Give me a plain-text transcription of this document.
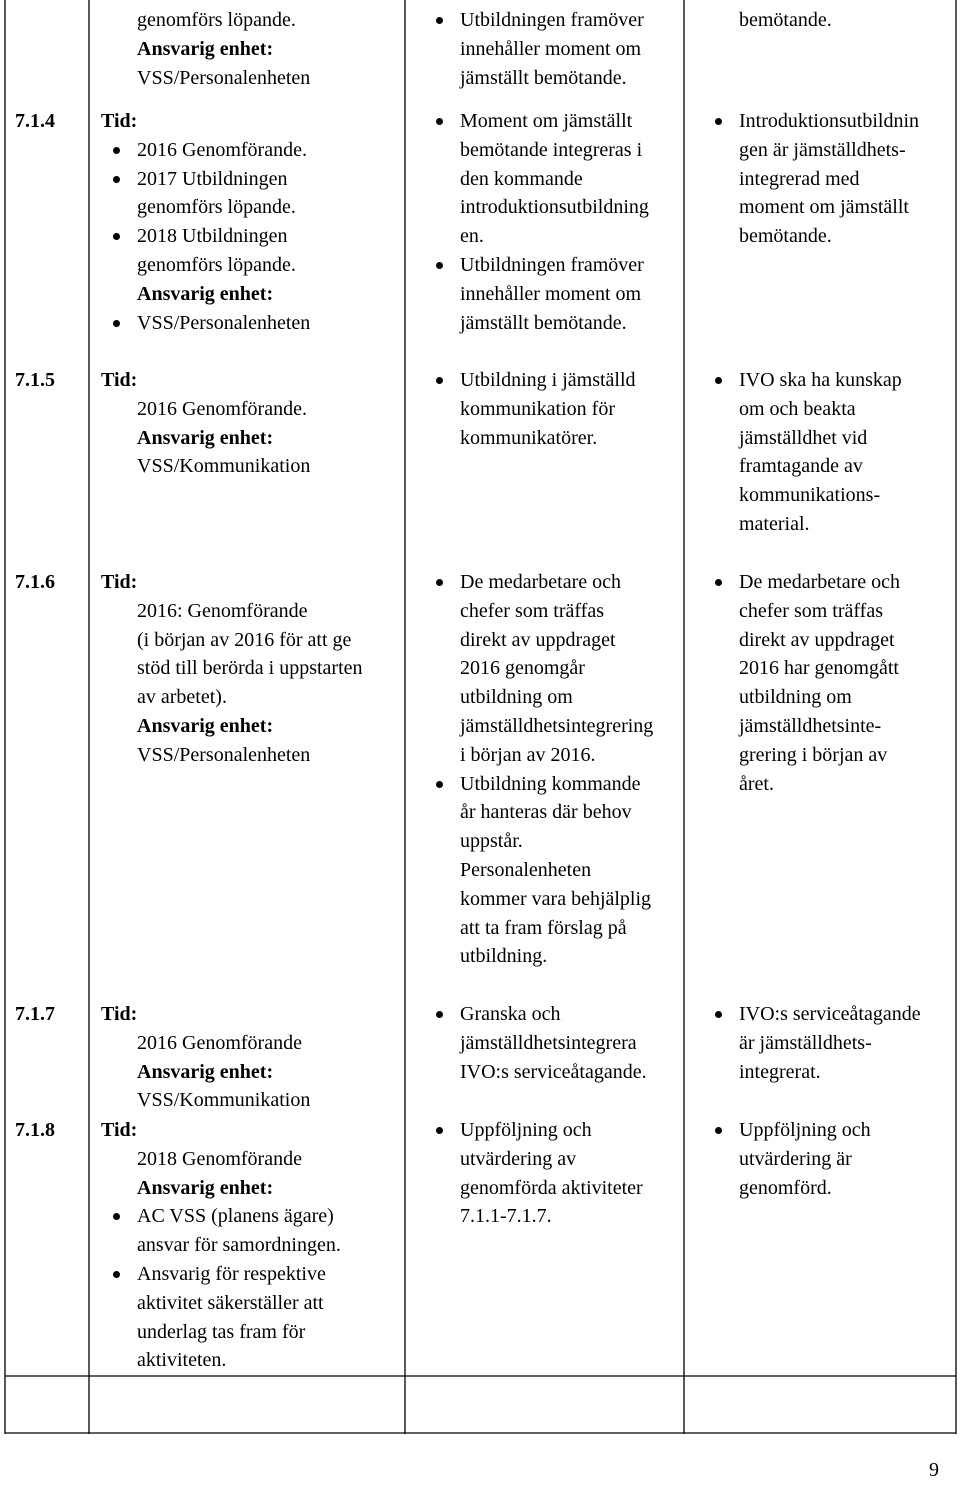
genomförs löpande.
Ansvarig enhet:
VSS/Personalenheten
Utbildningen framöver
innehåller moment om
jämställt bemötande.
bemötande.
7.1.4 Tid:
2016 Genomförande.
2017 Utbildningen
genomförs löpande.
2018 Utbildningen
genomförs löpande.
Ansvarig enhet:
VSS/Personalenheten
Moment om jämställt
bemötande integreras i
den kommande
introduktionsutbildning
en.
Utbildningen framöver
innehåller moment om
jämställt bemötande.
Introduktionsutbildnin
gen är jämställdhets-
integrerad med
moment om jämställt
bemötande.
7.1.5 Tid:
2016 Genomförande.
Ansvarig enhet:
VSS/Kommunikation
Utbildning i jämställd
kommunikation för
kommunikatörer.
IVO ska ha kunskap
om och beakta
jämställdhet vid
framtagande av
kommunikations-
material.
7.1.6 Tid:
2016: Genomförande
(i början av 2016 för att ge
stöd till berörda i uppstarten
av arbetet).
Ansvarig enhet:
VSS/Personalenheten
De medarbetare och
chefer som träffas
direkt av uppdraget
2016 genomgår
utbildning om
jämställdhetsintegrering
i början av 2016.
Utbildning kommande
år hanteras där behov
uppstår.
Personalenheten
kommer vara behjälplig
att ta fram förslag på
utbildning.
De medarbetare och
chefer som träffas
direkt av uppdraget
2016 har genomgått
utbildning om
jämställdhetsinte-
grering i början av
året.
7.1.7 Tid:
2016 Genomförande
Ansvarig enhet:
VSS/Kommunikation
Granska och
jämställdhetsintegrera
IVO:s serviceåtagande.
IVO:s serviceåtagande
är jämställdhets-
integrerat.
7.1.8 Tid:
2018 Genomförande
Ansvarig enhet:
AC VSS (planens ägare)
ansvar för samordningen.
Ansvarig för respektive
aktivitet säkerställer att
underlag tas fram för
aktiviteten.
Uppföljning och
utvärdering av
genomförda aktiviteter
7.1.1-7.1.7.
Uppföljning och
utvärdering är
genomförd.
9
